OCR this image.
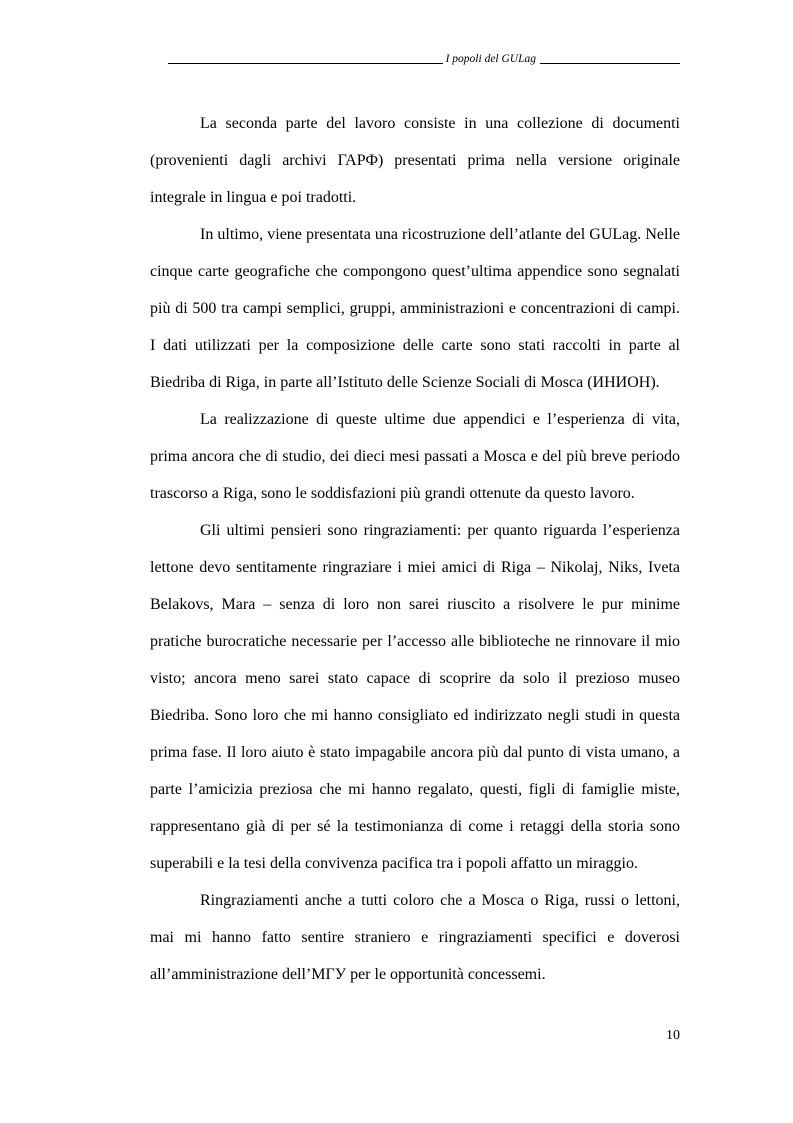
I popoli del GULag

La seconda parte del lavoro consiste in una collezione di documenti (provenienti dagli archivi ГАРФ) presentati prima nella versione originale integrale in lingua e poi tradotti.

In ultimo, viene presentata una ricostruzione dell’atlante del GULag. Nelle cinque carte geografiche che compongono quest’ultima appendice sono segnalati più di 500 tra campi semplici, gruppi, amministrazioni e concentrazioni di campi. I dati utilizzati per la composizione delle carte sono stati raccolti in parte al Biedriba di Riga, in parte all’Istituto delle Scienze Sociali di Mosca (ИНИОН).

La realizzazione di queste ultime due appendici e l’esperienza di vita, prima ancora che di studio, dei dieci mesi passati a Mosca e del più breve periodo trascorso a Riga, sono le soddisfazioni più grandi ottenute da questo lavoro.

Gli ultimi pensieri sono ringraziamenti: per quanto riguarda l’esperienza lettone devo sentitamente ringraziare i miei amici di Riga – Nikolaj, Niks, Iveta Belakovs, Mara – senza di loro non sarei riuscito a risolvere le pur minime pratiche burocratiche necessarie per l’accesso alle biblioteche ne rinnovare il mio visto; ancora meno sarei stato capace di scoprire da solo il prezioso museo Biedriba. Sono loro che mi hanno consigliato ed indirizzato negli studi in questa prima fase. Il loro aiuto è stato impagabile ancora più dal punto di vista umano, a parte l’amicizia preziosa che mi hanno regalato, questi, figli di famiglie miste, rappresentano già di per sé la testimonianza di come i retaggi della storia sono superabili e la tesi della convivenza pacifica tra i popoli affatto un miraggio.

Ringraziamenti anche a tutti coloro che a Mosca o Riga, russi o lettoni, mai mi hanno fatto sentire straniero e ringraziamenti specifici e doverosi all’amministrazione dell’МГУ per le opportunità concessemi.

10
